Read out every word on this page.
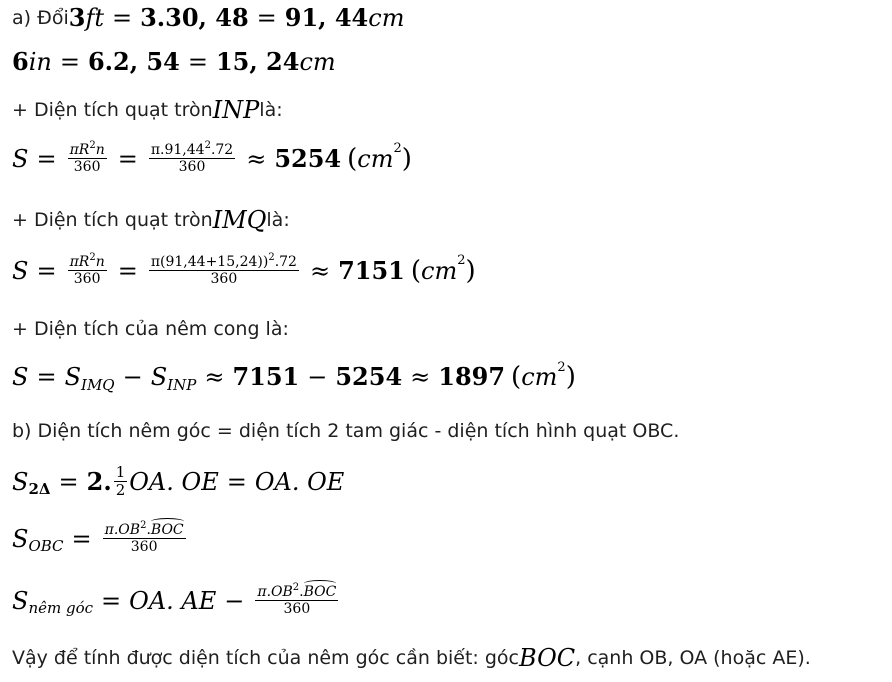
a) Đổi 3 ft = 3.30, 48 = 91, 44 cm
6 in = 6.2, 54 = 15, 24 cm
+ Diện tích quạt tròn INP là:
$S = \frac{\pi R^2n}{360} = \frac{\pi.91,44^2.72}{360} \approx 5254$ ( cm 2 )
+ Diện tích quạt tròn IMQ là:
$S = \frac{\pi R^2n}{360} = \frac{\pi(91,44+15,24))^2.72}{360} \approx 7151$ ( cm 2 )
+ Diện tích của nêm cong là:
S = S IMQ − S INP ≈ 7151 − 5254 ≈ 1897 ( cm 2 )
b) Diện tích nêm góc = diện tích 2 tam giác - diện tích hình quạt OBC.
S 2Δ = 2. $\frac{1}{2}$ OA. OE = OA. OE
S OBC = $\frac{\pi.OB^2.BOC}{360}$
S nêm góc = OA. AE − $\frac{\pi.OB^2.BOC}{360}$
Vậy để tính được diện tích của nêm góc cần biết: góc BOC , cạnh OB, OA (hoặc AE).
